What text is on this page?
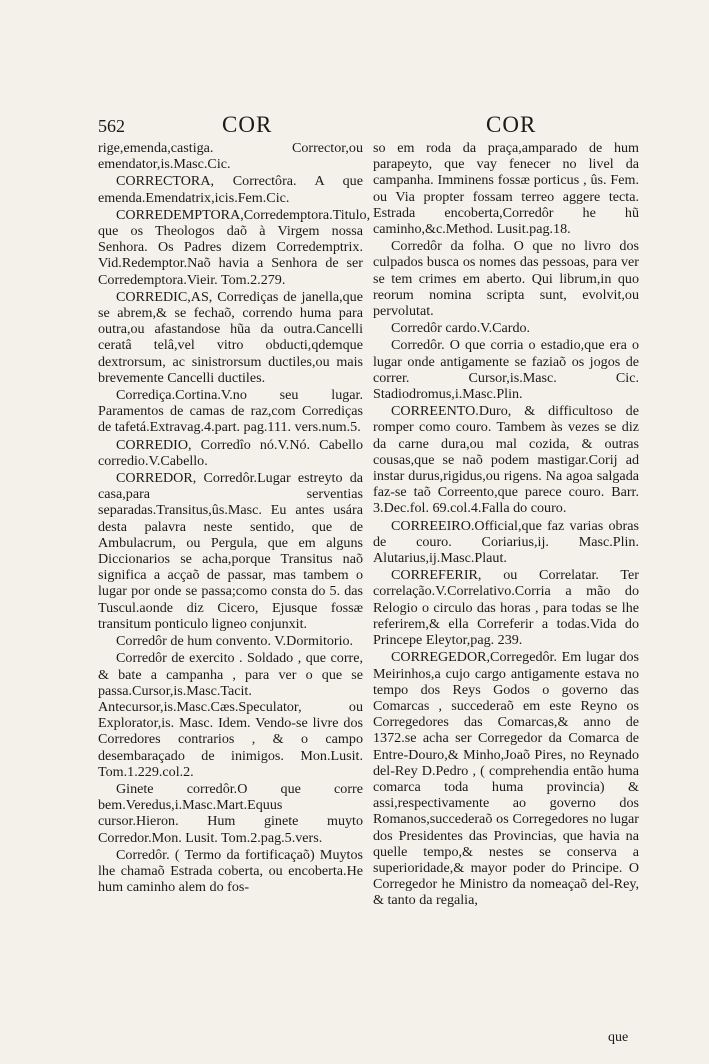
562	COR	COR

rige,emenda,castiga. Corrector,ou emendator,is.Masc.Cic.

CORRECTORA, Correctôra. A que emenda.Emendatrix,icis.Fem.Cic.

CORREDEMPTORA,Corredemptora.Titulo, que os Theologos daõ à Virgem nossa Senhora. Os Padres dizem Corredemptrix. Vid.Redemptor.Naõ havia a Senhora de ser Corredemptora.Vieir. Tom.2.279.

CORREDIC,AS, Corrediças de janella,que se abrem,& se fechaõ, correndo huma para outra,ou afastandose hũa da outra.Cancelli ceratâ telâ,vel vitro obducti,qdemque dextrorsum, ac sinistrorsum ductiles,ou mais brevemente Cancelli ductiles.

Corrediça.Cortina.V.no seu lugar. Paramentos de camas de raz,com Corrediças de tafetá.Extravag.4.part. pag.111. vers.num.5.

CORREDIO, Corredîo nó.V.Nó. Cabello corredio.V.Cabello.

CORREDOR, Corredôr.Lugar estreyto da casa,para serventias separadas.Transitus,ûs.Masc. Eu antes usára desta palavra neste sentido, que de Ambulacrum, ou Pergula, que em alguns Diccionarios se acha,porque Transitus naõ significa a acçaõ de passar, mas tambem o lugar por onde se passa;como consta do 5. das Tuscul.aonde diz Cicero, Ejusque fossæ transitum ponticulo ligneo conjunxit.

Corredôr de hum convento. V.Dormitorio.

Corredôr de exercito . Soldado , que corre, & bate a campanha , para ver o que se passa.Cursor,is.Masc.Tacit. Antecursor,is.Masc.Cæs.Speculator, ou Explorator,is. Masc. Idem. Vendo-se livre dos Corredores contrarios , & o campo desembaraçado de inimigos. Mon.Lusit. Tom.1.229.col.2.

Ginete corredôr.O que corre bem.Veredus,i.Masc.Mart.Equus cursor.Hieron. Hum ginete muyto Corredor.Mon. Lusit. Tom.2.pag.5.vers.

Corredôr. ( Termo da fortificaçaõ) Muytos lhe chamaõ Estrada coberta, ou encoberta.He hum caminho alem do fos-

so em roda da praça,amparado de hum parapeyto, que vay fenecer no livel da campanha. Imminens fossæ porticus , ûs. Fem. ou Via propter fossam terreo aggere tecta. Estrada encoberta,Corredôr he hũ caminho,&c.Method. Lusit.pag.18.

Corredôr da folha. O que no livro dos culpados busca os nomes das pessoas, para ver se tem crimes em aberto. Qui librum,in quo reorum nomina scripta sunt, evolvit,ou pervolutat.

Corredôr cardo.V.Cardo.

Corredôr. O que corria o estadio,que era o lugar onde antigamente se faziaõ os jogos de correr. Cursor,is.Masc. Cic. Stadiodromus,i.Masc.Plin.

CORREENTO.Duro, & difficultoso de romper como couro. Tambem às vezes se diz da carne dura,ou mal cozida, & outras cousas,que se naõ podem mastigar.Corij ad instar durus,rigidus,ou rigens. Na agoa salgada faz-se taõ Correento,que parece couro. Barr. 3.Dec.fol. 69.col.4.Falla do couro.

CORREEIRO.Official,que faz varias obras de couro. Coriarius,ij. Masc.Plin. Alutarius,ij.Masc.Plaut.

CORREFERIR, ou Correlatar. Ter correlação.V.Correlativo.Corria a mão do Relogio o circulo das horas , para todas se lhe referirem,& ella Correferir a todas.Vida do Princepe Eleytor,pag. 239.

CORREGEDOR,Corregedôr. Em lugar dos Meirinhos,a cujo cargo antigamente estava no tempo dos Reys Godos o governo das Comarcas , succederaõ em este Reyno os Corregedores das Comarcas,& anno de 1372.se acha ser Corregedor da Comarca de Entre-Douro,& Minho,Joaõ Pires, no Reynado del-Rey D.Pedro , ( comprehendia então huma comarca toda huma provincia) & assi,respectivamente ao governo dos Romanos,succederaõ os Corregedores no lugar dos Presidentes das Provincias, que havia na quelle tempo,& nestes se conserva a superioridade,& mayor poder do Principe. O Corregedor he Ministro da nomeaçaõ del-Rey, & tanto da regalia,

que
